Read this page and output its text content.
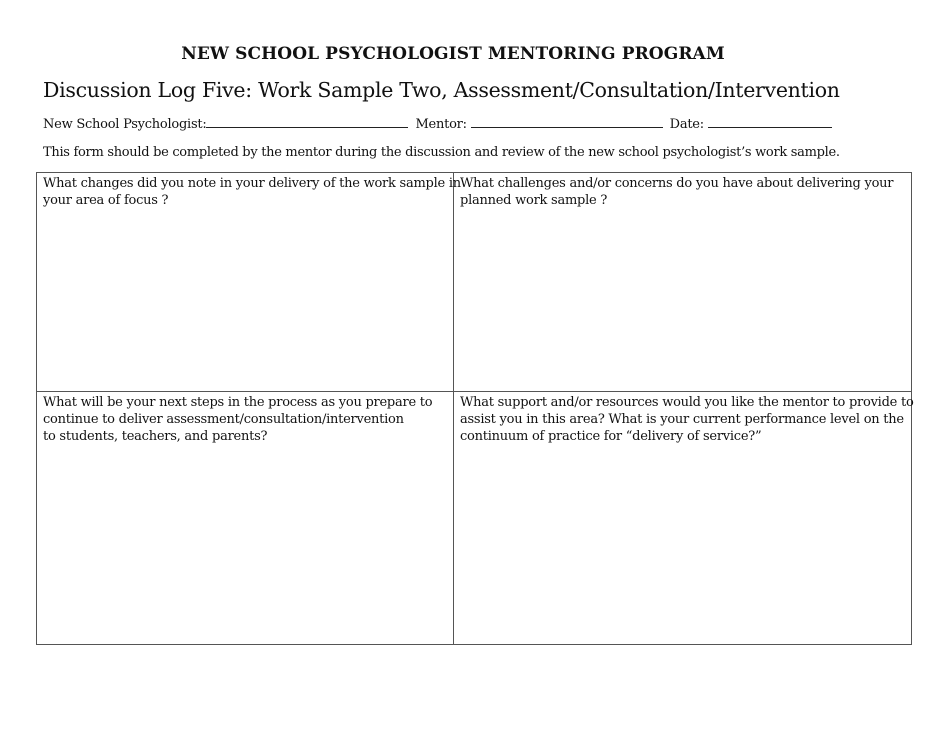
NEW SCHOOL PSYCHOLOGIST MENTORING PROGRAM
Discussion Log Five: Work Sample Two, Assessment/Consultation/Intervention
New School Psychologist:	Mentor:	Date:
This form should be completed by the mentor during the discussion and review of the new school psychologist’s work sample.
What changes did you note in your delivery of the work sample in
your area of focus ?
What challenges and/or concerns do you have about delivering your
planned work sample ?
What will be your next steps in the process as you prepare to
continue to deliver assessment/consultation/intervention
to students, teachers, and parents?
What support and/or resources would you like the mentor to provide to
assist you in this area? What is your current performance level on the
continuum of practice for “delivery of service?”
